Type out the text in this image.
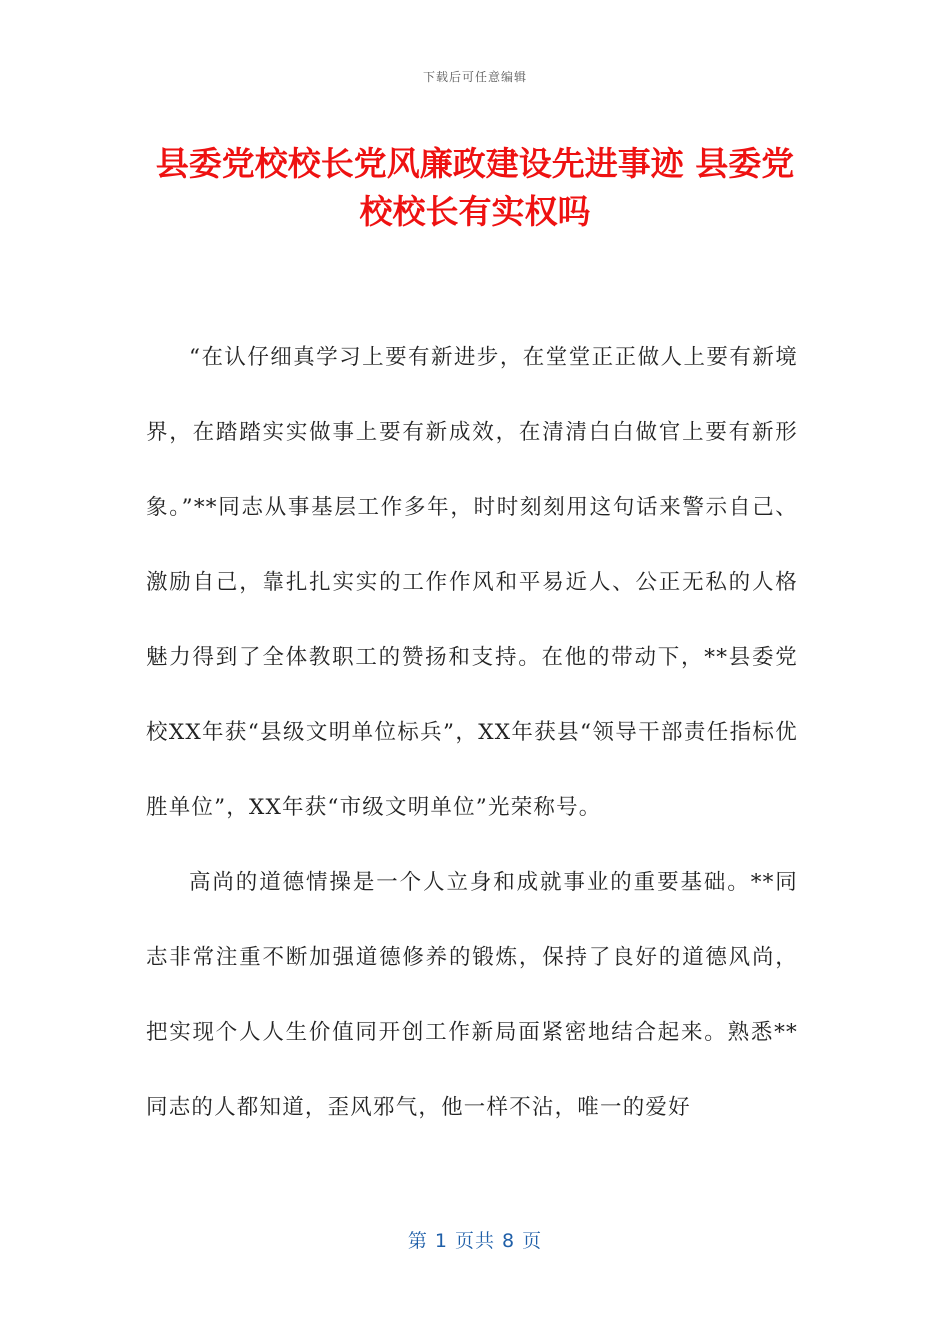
下载后可任意编辑
县委党校校长党风廉政建设先进事迹 县委党校校长有实权吗

“在认仔细真学习上要有新进步，在堂堂正正做人上要有新境界，在踏踏实实做事上要有新成效，在清清白白做官上要有新形象。”**同志从事基层工作多年，时时刻刻用这句话来警示自己、激励自己，靠扎扎实实的工作作风和平易近人、公正无私的人格魅力得到了全体教职工的赞扬和支持。在他的带动下，**县委党校XX年获“县级文明单位标兵”，XX年获县“领导干部责任指标优胜单位”，XX年获“市级文明单位”光荣称号。

高尚的道德情操是一个人立身和成就事业的重要基础。**同志非常注重不断加强道德修养的锻炼，保持了良好的道德风尚，把实现个人人生价值同开创工作新局面紧密地结合起来。熟悉**同志的人都知道，歪风邪气，他一样不沾，唯一的爱好

第 1 页共 8 页
